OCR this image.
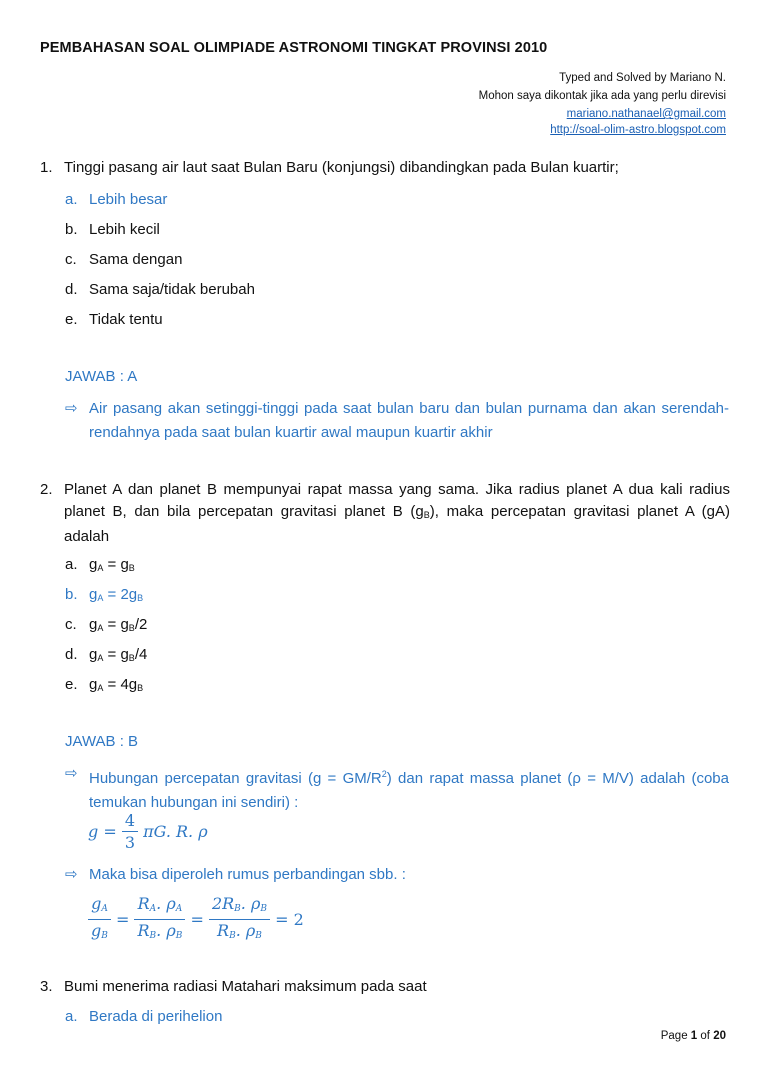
PEMBAHASAN SOAL OLIMPIADE ASTRONOMI TINGKAT PROVINSI 2010
Typed and Solved by Mariano N.
Mohon saya dikontak jika ada yang perlu direvisi
mariano.nathanael@gmail.com
http://soal-olim-astro.blogspot.com
1. Tinggi pasang air laut saat Bulan Baru (konjungsi) dibandingkan pada Bulan kuartir;
a. Lebih besar
b. Lebih kecil
c. Sama dengan
d. Sama saja/tidak berubah
e. Tidak tentu
JAWAB : A
⇨ Air pasang akan setinggi-tinggi pada saat bulan baru dan bulan purnama dan akan serendah-rendahnya pada saat bulan kuartir awal maupun kuartir akhir
2. Planet A dan planet B mempunyai rapat massa yang sama. Jika radius planet A dua kali radius planet B, dan bila percepatan gravitasi planet B $(g_B)$, maka percepatan gravitasi planet A (gA) adalah
a. $g_A = g_B$
b. $g_A = 2g_B$
c. $g_A = g_B/2$
d. $g_A = g_B/4$
e. $g_A = 4g_B$
JAWAB : B
⇨ Hubungan percepatan gravitasi $(g = GM/R^2)$ dan rapat massa planet (ρ = M/V) adalah (coba temukan hubungan ini sendiri) :
$g = \frac{4}{3} \pi G$. R. ρ
⇨ Maka bisa diperoleh rumus perbandingan sbb. :
$\frac{g_A}{g_B} = \frac{R_A. \rho_A}{R_B. \rho_B} = \frac{2R_B. \rho_B}{R_B. \rho_B} = 2$
3. Bumi menerima radiasi Matahari maksimum pada saat
a. Berada di perihelion
Page 1 of 20
